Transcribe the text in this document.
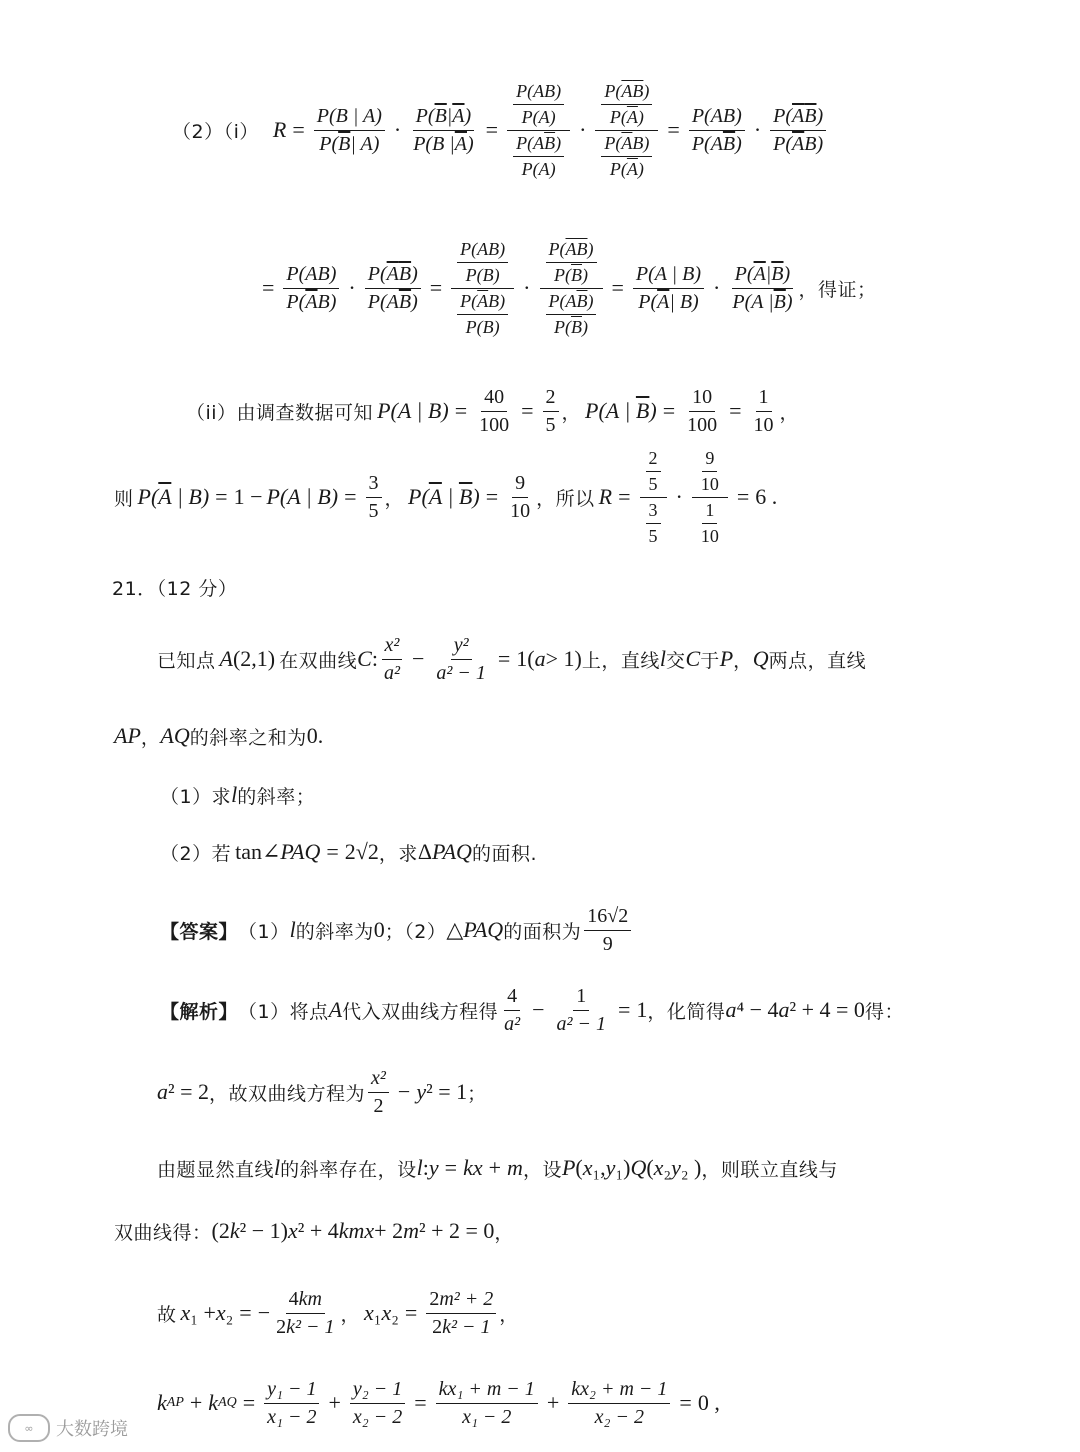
（2）（i） $R = \frac{P(B | A)}{P( \overline{B} | A)} \cdot \frac{P( \overline{B} | \overline{A} )}{P(B | \overline{A} )} = \frac{\frac{P(AB)}{P(A)}}{\frac{P(A \overline{B} )}{P(A)}} \cdot \frac{\frac{P( \overline{A} \overline{B} )}{P( \overline{A} )}}{\frac{P( \overline{A} B)}{P( \overline{A} )}} = \frac{P(AB)}{P(A \overline{B} )} \cdot \frac{P( \overline{A} \overline{B} )}{P( \overline{A} B)}$
= $\frac{P(AB)}{P( \overline{A} B)} \cdot \frac{P( \overline{A} \overline{B} )}{P(A \overline{B} )} = \frac{\frac{P(AB)}{P(B)}}{\frac{P( \overline{A} B)}{P(B)}} \cdot \frac{\frac{P( \overline{A} \overline{B} )}{P( \overline{B} )}}{\frac{P(A \overline{B} )}{P( \overline{B} )}} = \frac{P(A | B)}{P( \overline{A} | B)} \cdot \frac{P( \overline{A} | \overline{B} )}{P(A | \overline{B} )}$ ，得证；
（ii）由调查数据可知 P(A | $B) = \frac{40}{100} = \frac{2}{5}$ ， P(A | $\overline{B}) = \frac{10}{100} = \frac{1}{10}$ ，
则 $P(\overline{A}$ | B) = 1 − P(A | $B) = \frac{3}{5}$ ， $P(\overline{A}$ | $\overline{B}) = \frac{9}{10}$ ，所以 $R = \frac{\frac{2}{5}}{\frac{3}{5}} \cdot \frac{\frac{9}{10}}{\frac{1}{10}} = 6$ .
21．（12 分）
已知点 A (2,1) 在双曲线 C : $\frac{\text{x²}}{\text{a²}} - \frac{\text{y²}}{\text{a² − 1}} = 1$( a > 1) 上，直线 l 交 C 于 P ， Q 两点，直线
AP ， AQ 的斜率之和为 0.
（1）求 l 的斜率；
（2）若 tan∠ PAQ = 2√2 ，求 Δ PAQ 的面积.
【答案】 （1） l 的斜率为 0 ；（2） △ PAQ 的面积为 $\frac{16√2}{9}$
【解析】 （1）将点 A 代入双曲线方程得 $\frac{4}{\text{a²}} - \frac{1}{\text{a² − 1}} = 1$ ，化简得 a ⁴ − 4 a ² + 4 = 0 得：
a ² = 2 ，故双曲线方程为 $\frac{\text{x²}}{2} - y$ ² = 1 ；
由题显然直线 l 的斜率存在，设 l : y = kx + m ，设 P ( x ₁, y ₁) Q ( x ₂ y ₂ ) ，则联立直线与
双曲线得： (2 k ² − 1) x ² + 4 kmx + 2 m ² + 2 = 0 ，
故 x ₁ + x ₂ = − $\frac{4 km}{\text{2 k² − 1}}$ ， x ₁ x $_2 = \frac{\text{2 m² + 2}}{\text{2 k² − 1}}$ ，
k AP + k AQ = $\frac{\text{y₁ − 1}}{\text{x₁ − 2}} + \frac{\text{y₂ − 1}}{\text{x₂ − 2}} = \frac{\text{kx₁ + m − 1}}{\text{x₁ − 2}} + \frac{\text{kx₂ + m − 1}}{\text{x₂ − 2}} = 0$ ,
∞	大数跨境
